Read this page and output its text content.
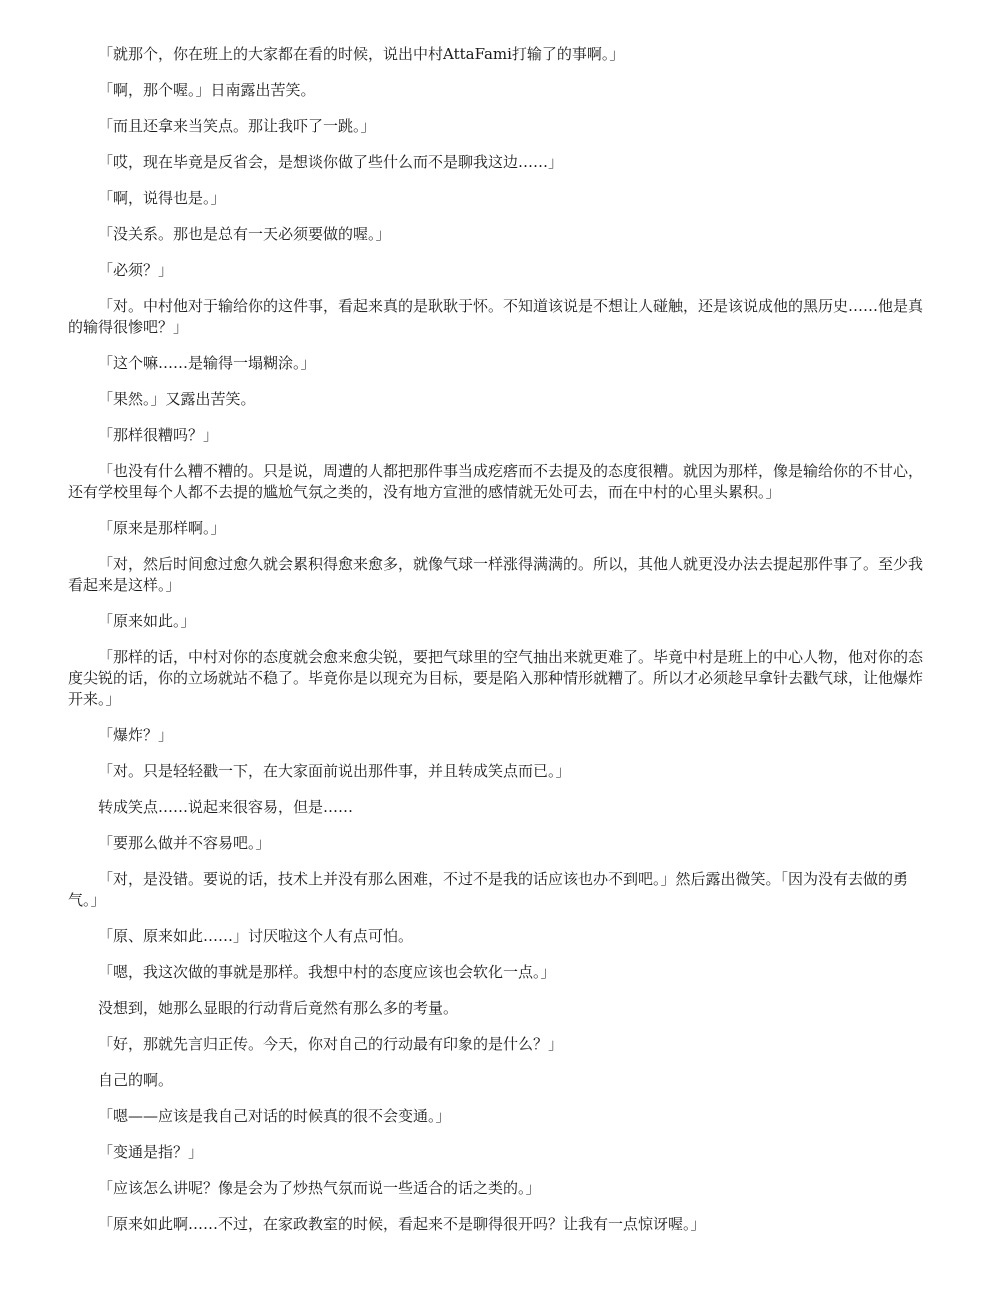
「就那个，你在班上的大家都在看的时候，说出中村AttaFami打输了的事啊。」

「啊，那个喔。」日南露出苦笑。

「而且还拿来当笑点。那让我吓了一跳。」

「哎，现在毕竟是反省会，是想谈你做了些什么而不是聊我这边……」

「啊，说得也是。」

「没关系。那也是总有一天必须要做的喔。」

「必须？」

「对。中村他对于输给你的这件事，看起来真的是耿耿于怀。不知道该说是不想让人碰触，还是该说成他的黑历史……他是真的输得很惨吧？」

「这个嘛……是输得一塌糊涂。」

「果然。」又露出苦笑。

「那样很糟吗？」

「也没有什么糟不糟的。只是说，周遭的人都把那件事当成疙瘩而不去提及的态度很糟。就因为那样，像是输给你的不甘心，还有学校里每个人都不去提的尴尬气氛之类的，没有地方宣泄的感情就无处可去，而在中村的心里头累积。」

「原来是那样啊。」

「对，然后时间愈过愈久就会累积得愈来愈多，就像气球一样涨得满满的。所以，其他人就更没办法去提起那件事了。至少我看起来是这样。」

「原来如此。」

「那样的话，中村对你的态度就会愈来愈尖锐，要把气球里的空气抽出来就更难了。毕竟中村是班上的中心人物，他对你的态度尖锐的话，你的立场就站不稳了。毕竟你是以现充为目标，要是陷入那种情形就糟了。所以才必须趁早拿针去戳气球，让他爆炸开来。」

「爆炸？」

「对。只是轻轻戳一下，在大家面前说出那件事，并且转成笑点而已。」

转成笑点……说起来很容易，但是……

「要那么做并不容易吧。」

「对，是没错。要说的话，技术上并没有那么困难，不过不是我的话应该也办不到吧。」然后露出微笑。「因为没有去做的勇气。」

「原、原来如此……」讨厌啦这个人有点可怕。

「嗯，我这次做的事就是那样。我想中村的态度应该也会软化一点。」

没想到，她那么显眼的行动背后竟然有那么多的考量。

「好，那就先言归正传。今天，你对自己的行动最有印象的是什么？」

自己的啊。

「嗯——应该是我自己对话的时候真的很不会变通。」

「变通是指？」

「应该怎么讲呢？像是会为了炒热气氛而说一些适合的话之类的。」

「原来如此啊……不过，在家政教室的时候，看起来不是聊得很开吗？让我有一点惊讶喔。」
